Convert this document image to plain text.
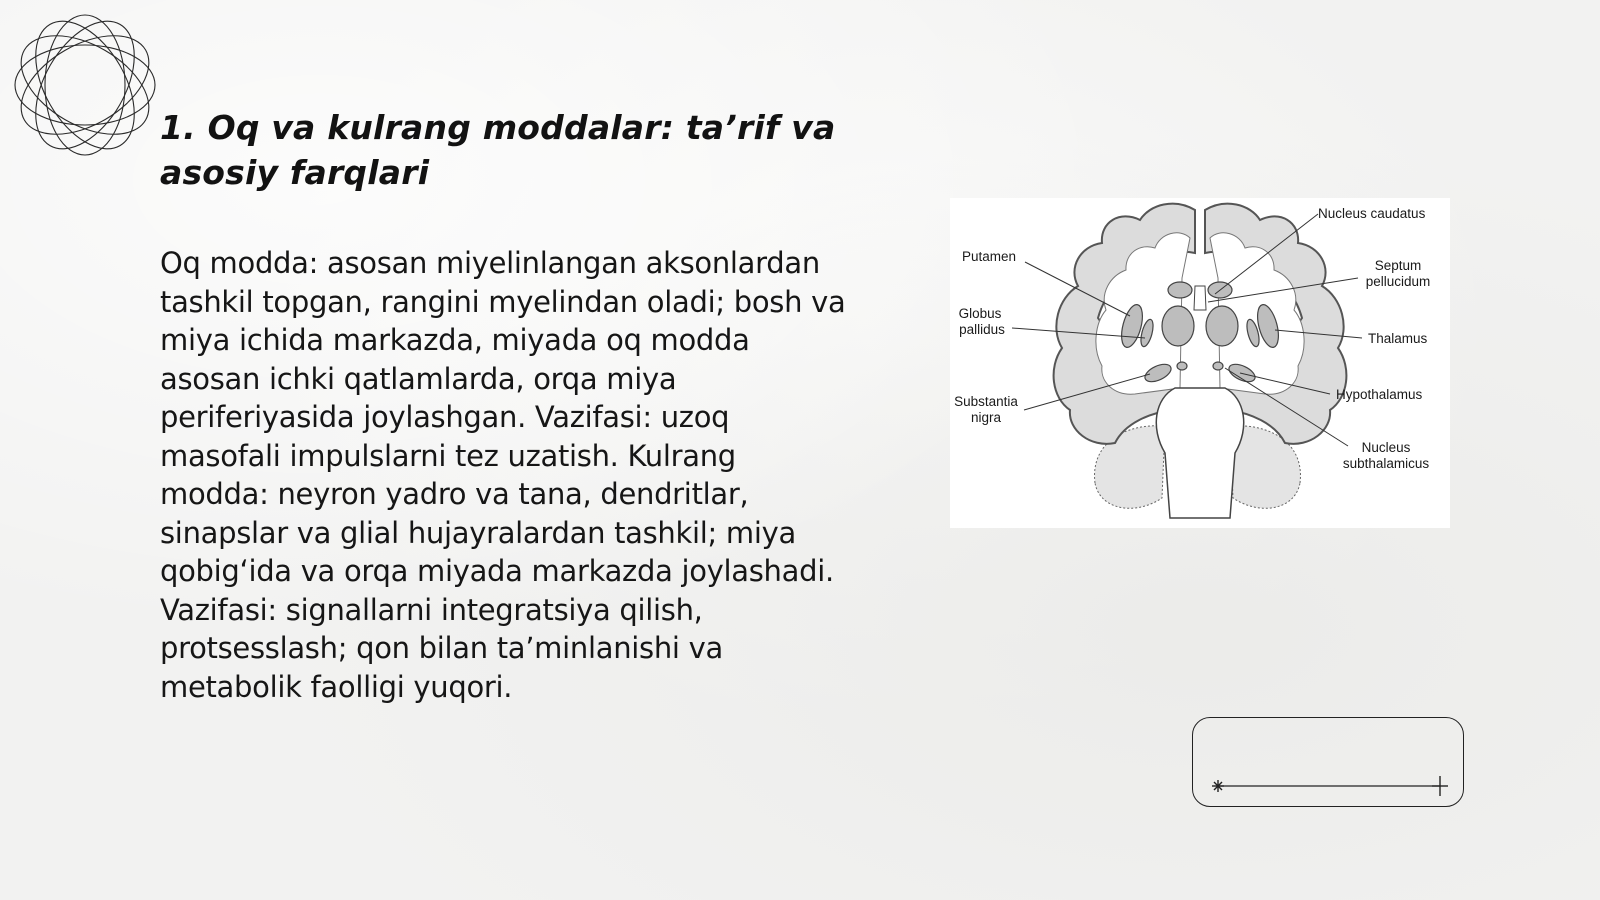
1. Oq va kulrang moddalar: ta’rif va asosiy farqlari

Oq modda: asosan miyelinlangan aksonlardan tashkil topgan, rangini myelindan oladi; bosh va miya ichida markazda, miyada oq modda asosan ichki qatlamlarda, orqa miya periferiyasida joylashgan. Vazifasi: uzoq masofali impulslarni tez uzatish. Kulrang modda: neyron yadro va tana, dendritlar, sinapslar va glial hujayralardan tashkil; miya qobig‘ida va orqa miyada markazda joylashadi. Vazifasi: signallarni integratsiya qilish, protsesslash; qon bilan ta’minlanishi va metabolik faolligi yuqori.

Nucleus caudatus
Putamen
Septum
pellucidum
Globus
pallidus
Thalamus
Substantia
nigra
Hypothalamus
Nucleus
subthalamicus
